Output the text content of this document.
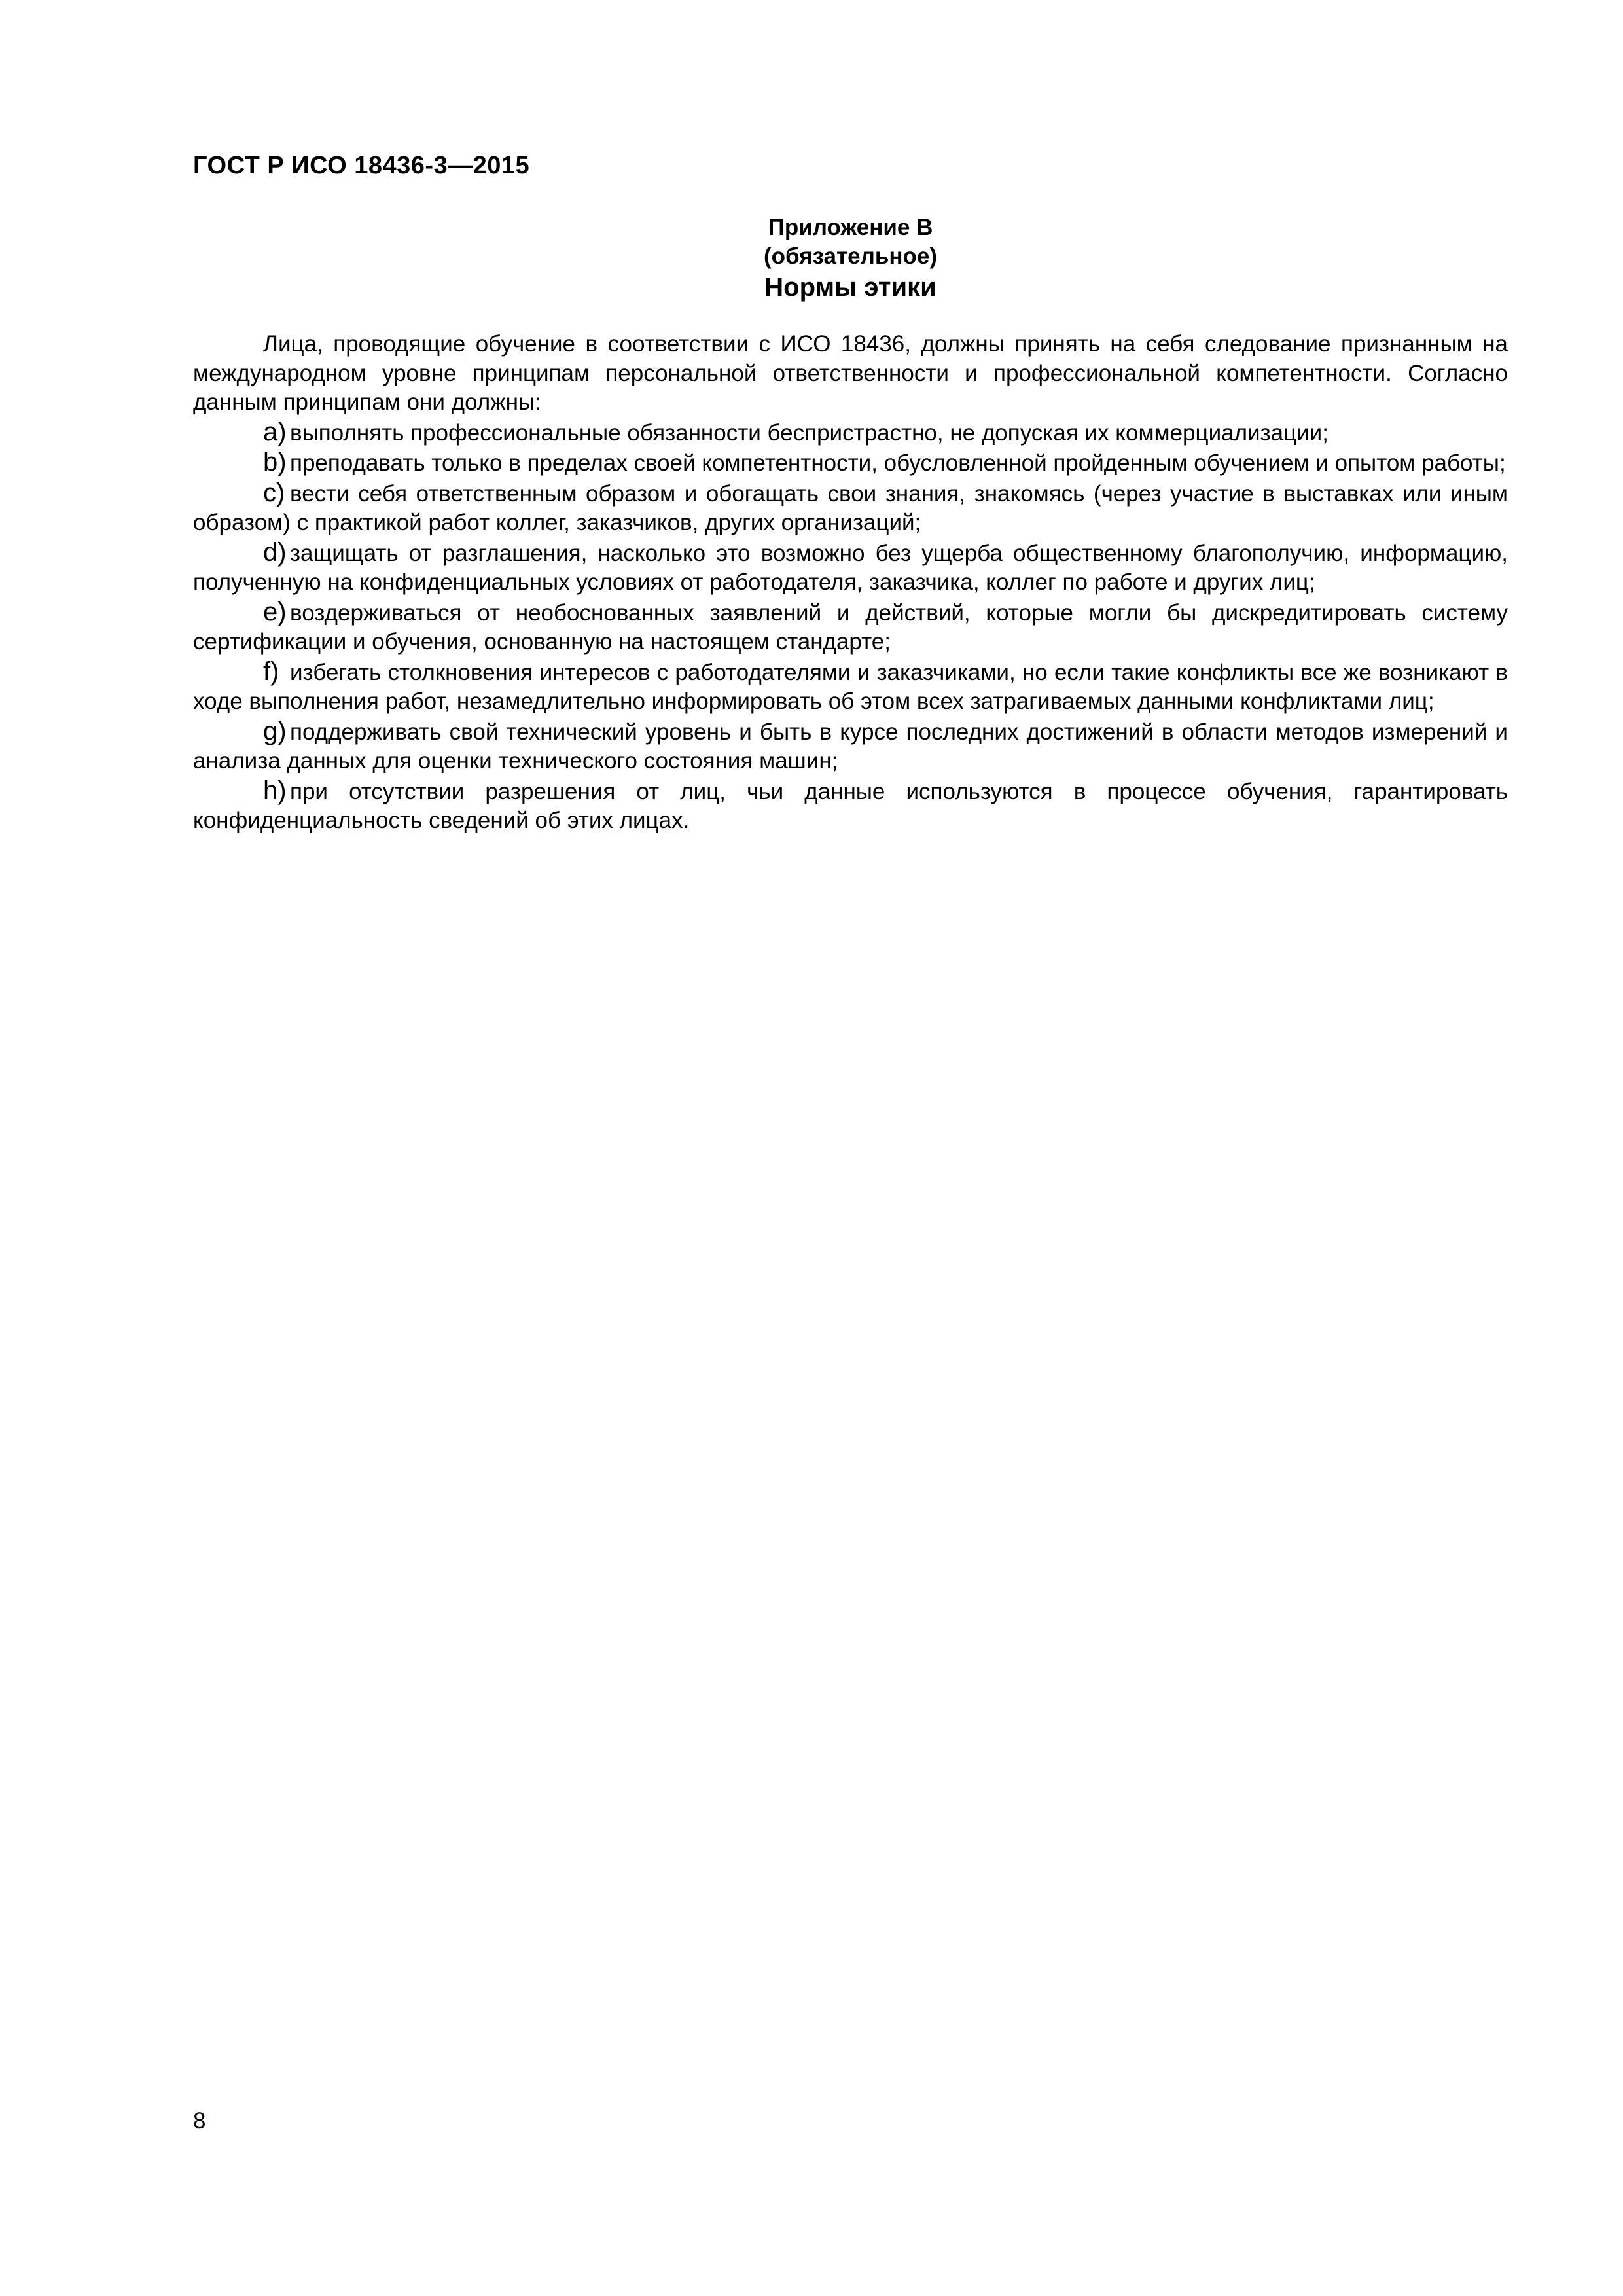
ГОСТ Р ИСО 18436-3—2015
Приложение В
(обязательное)
Нормы этики

Лица, проводящие обучение в соответствии с ИСО 18436, должны принять на себя следование признанным на международном уровне принципам персональной ответственности и профессиональной компетентности. Согласно данным принципам они должны:

a) выполнять профессиональные обязанности беспристрастно, не допуская их коммерциализации;

b) преподавать только в пределах своей компетентности, обусловленной пройденным обучением и опытом работы;

c) вести себя ответственным образом и обогащать свои знания, знакомясь (через участие в выставках или иным образом) с практикой работ коллег, заказчиков, других организаций;

d) защищать от разглашения, насколько это возможно без ущерба общественному благополучию, информацию, полученную на конфиденциальных условиях от работодателя, заказчика, коллег по работе и других лиц;

e) воздерживаться от необоснованных заявлений и действий, которые могли бы дискредитировать систему сертификации и обучения, основанную на настоящем стандарте;

f) избегать столкновения интересов с работодателями и заказчиками, но если такие конфликты все же возникают в ходе выполнения работ, незамедлительно информировать об этом всех затрагиваемых данными конфликтами лиц;

g) поддерживать свой технический уровень и быть в курсе последних достижений в области методов измерений и анализа данных для оценки технического состояния машин;

h) при отсутствии разрешения от лиц, чьи данные используются в процессе обучения, гарантировать конфиденциальность сведений об этих лицах.

8
